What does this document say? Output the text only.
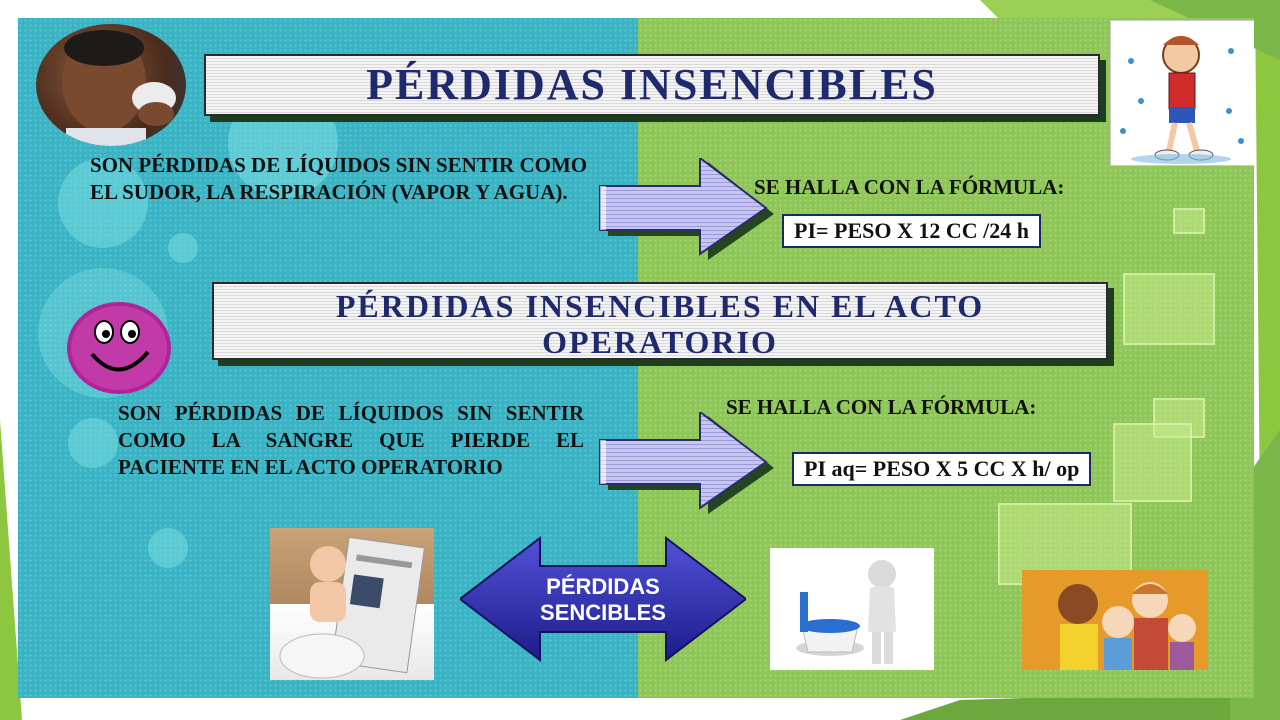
PÉRDIDAS INSENCIBLES
SON PÉRDIDAS DE LÍQUIDOS SIN SENTIR COMO EL SUDOR, LA RESPIRACIÓN (VAPOR Y AGUA).	SE HALLA CON LA FÓRMULA:
PI= PESO X 12 CC /24 h
PÉRDIDAS INSENCIBLES EN EL ACTO
OPERATORIO
SON PÉRDIDAS DE LÍQUIDOS SIN SENTIR COMO LA SANGRE QUE PIERDE EL PACIENTE EN EL ACTO OPERATORIO
SE HALLA CON LA FÓRMULA:
PI aq= PESO X 5 CC X h/ op
PÉRDIDAS
SENCIBLES
